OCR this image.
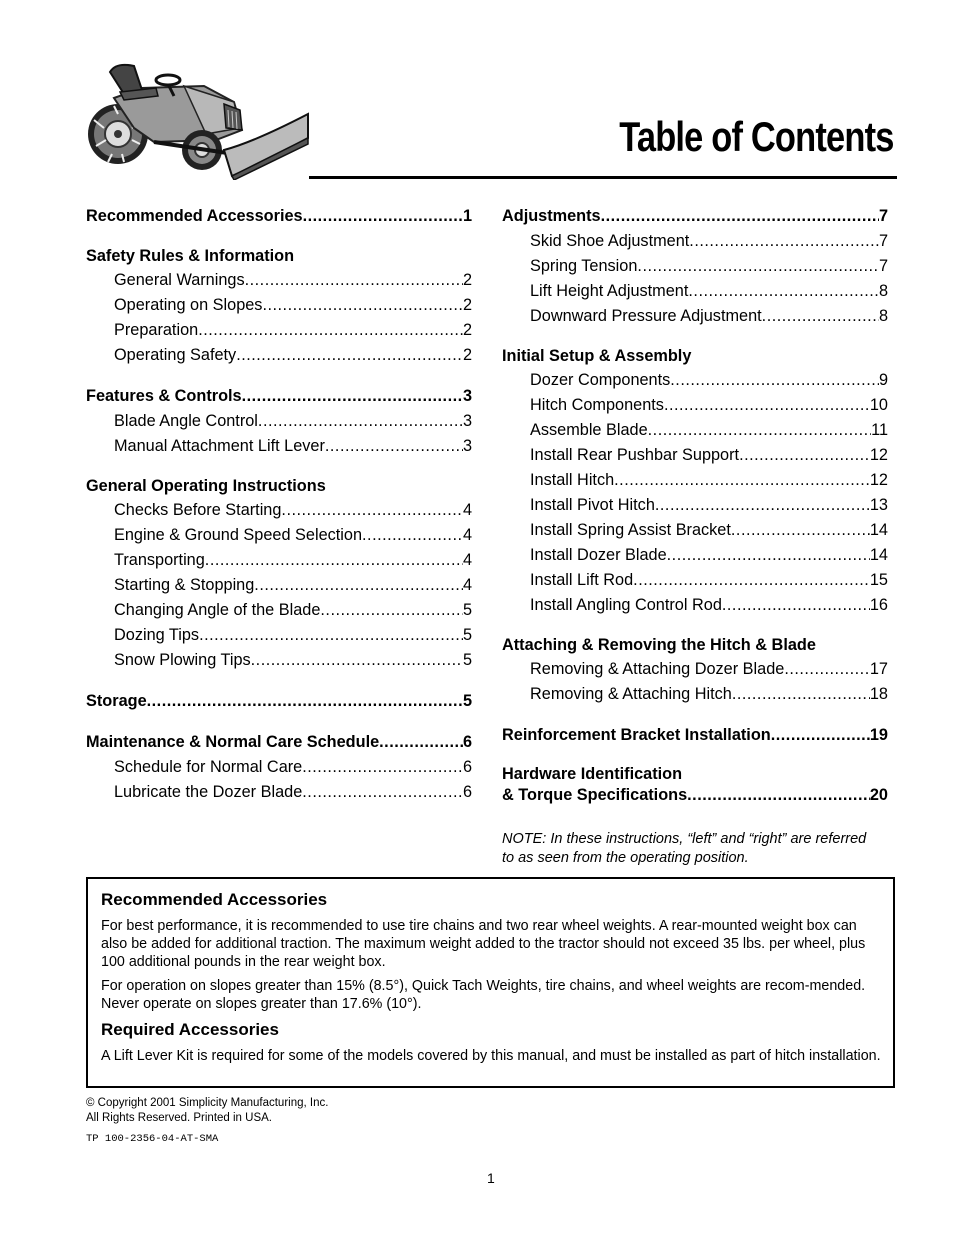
Table of Contents
Recommended Accessories .....	1
Safety Rules & Information
General Warnings .....	2
Operating on Slopes .....	2
Preparation .....	2
Operating Safety .....	2
Features & Controls .....	3
Blade Angle Control .....	3
Manual Attachment Lift Lever .....	3
General Operating Instructions
Checks Before Starting .....	4
Engine & Ground Speed Selection .....	4
Transporting .....	4
Starting & Stopping .....	4
Changing Angle of the Blade .....	5
Dozing Tips .....	5
Snow Plowing Tips .....	5
Storage .....	5
Maintenance & Normal Care Schedule .....	6
Schedule for Normal Care .....	6
Lubricate the Dozer Blade .....	6
Adjustments .....	7
Skid Shoe Adjustment .....	7
Spring Tension .....	7
Lift Height Adjustment .....	8
Downward Pressure Adjustment .....	8
Initial Setup & Assembly
Dozer Components .....	9
Hitch Components .....	10
Assemble Blade .....	11
Install Rear Pushbar Support .....	12
Install Hitch .....	12
Install Pivot Hitch .....	13
Install Spring Assist Bracket .....	14
Install Dozer Blade .....	14
Install Lift Rod .....	15
Install Angling Control Rod .....	16
Attaching & Removing the Hitch & Blade
Removing & Attaching Dozer Blade .....	17
Removing & Attaching Hitch .....	18
Reinforcement Bracket Installation .....	19
Hardware Identification
& Torque Specifications .....	20

NOTE: In these instructions, “left” and “right” are referred to as seen from the operating position.

Recommended Accessories

For best performance, it is recommended to use tire chains and two rear wheel weights. A rear-mounted weight box can also be added for additional traction. The maximum weight added to the tractor should not exceed 35 lbs. per wheel, plus 100 additional pounds in the rear weight box.

For operation on slopes greater than 15% (8.5°), Quick Tach Weights, tire chains, and wheel weights are recom-mended. Never operate on slopes greater than 17.6% (10°).

Required Accessories

A Lift Lever Kit is required for some of the models covered by this manual, and must be installed as part of hitch installation.

© Copyright 2001 Simplicity Manufacturing, Inc.
All Rights Reserved. Printed in USA.
TP 100-2356-04-AT-SMA
1
